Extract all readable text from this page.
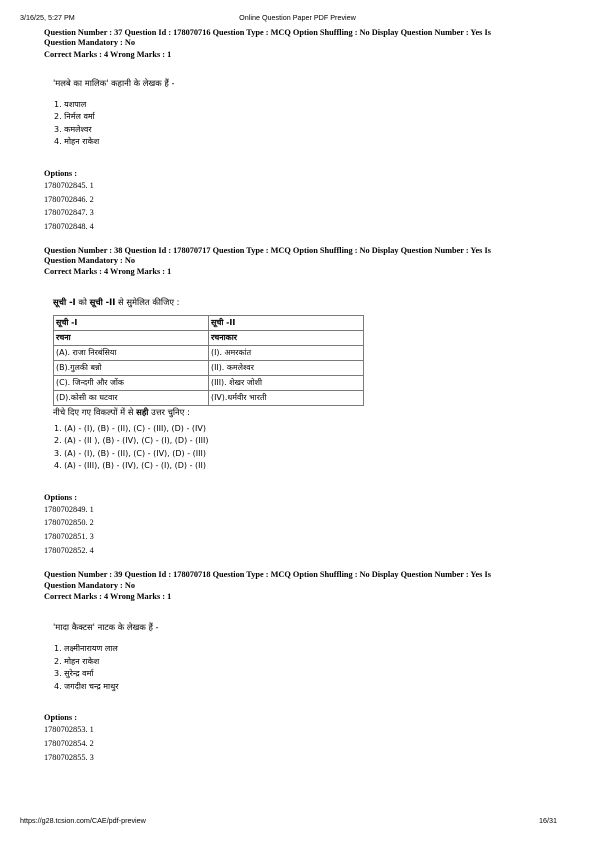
3/16/25, 5:27 PM	Online Question Paper PDF Preview
Question Number : 37 Question Id : 178070716 Question Type : MCQ Option Shuffling : No Display Question Number : Yes Is
Question Mandatory : No
Correct Marks : 4 Wrong Marks : 1
'मलबे का मालिक' कहानी के लेखक हैं -
1. यशपाल
2. निर्मल वर्मा
3. कमलेश्वर
4. मोहन राकेश
Options :
1780702845. 1
1780702846. 2
1780702847. 3
1780702848. 4
Question Number : 38 Question Id : 178070717 Question Type : MCQ Option Shuffling : No Display Question Number : Yes Is
Question Mandatory : No
Correct Marks : 4 Wrong Marks : 1
सूची -I को सूची -II से सुमेलित कीजिए :
सूची -I	सूची -II
रचना	रचनाकार
(A). राजा निरबंसिया	(I). अमरकांत
(B).गुलकी बन्नो	(II). कमलेश्वर
(C). जिन्दगी और जोंक	(III). शेखर जोशी
(D).कोसी का घटवार	(IV).धर्मवीर भारती
नीचे दिए गए विकल्पों में से सही उत्तर चुनिए :
1. (A) - (I), (B) - (II), (C) - (III), (D) - (IV)
2. (A) - (II ), (B) - (IV), (C) - (I), (D) - (III)
3. (A) - (I), (B) - (II), (C) - (IV), (D) - (III)
4. (A) - (III), (B) - (IV), (C) - (I), (D) - (II)
Options :
1780702849. 1
1780702850. 2
1780702851. 3
1780702852. 4
Question Number : 39 Question Id : 178070718 Question Type : MCQ Option Shuffling : No Display Question Number : Yes Is
Question Mandatory : No
Correct Marks : 4 Wrong Marks : 1
'मादा कैक्टस' नाटक के लेखक हैं -
1. लक्ष्मीनारायण लाल
2. मोहन राकेश
3. सुरेन्द्र वर्मा
4. जगदीश चन्द्र माथुर
Options :
1780702853. 1
1780702854. 2
1780702855. 3
https://g28.tcsion.com/CAE/pdf-preview	16/31
